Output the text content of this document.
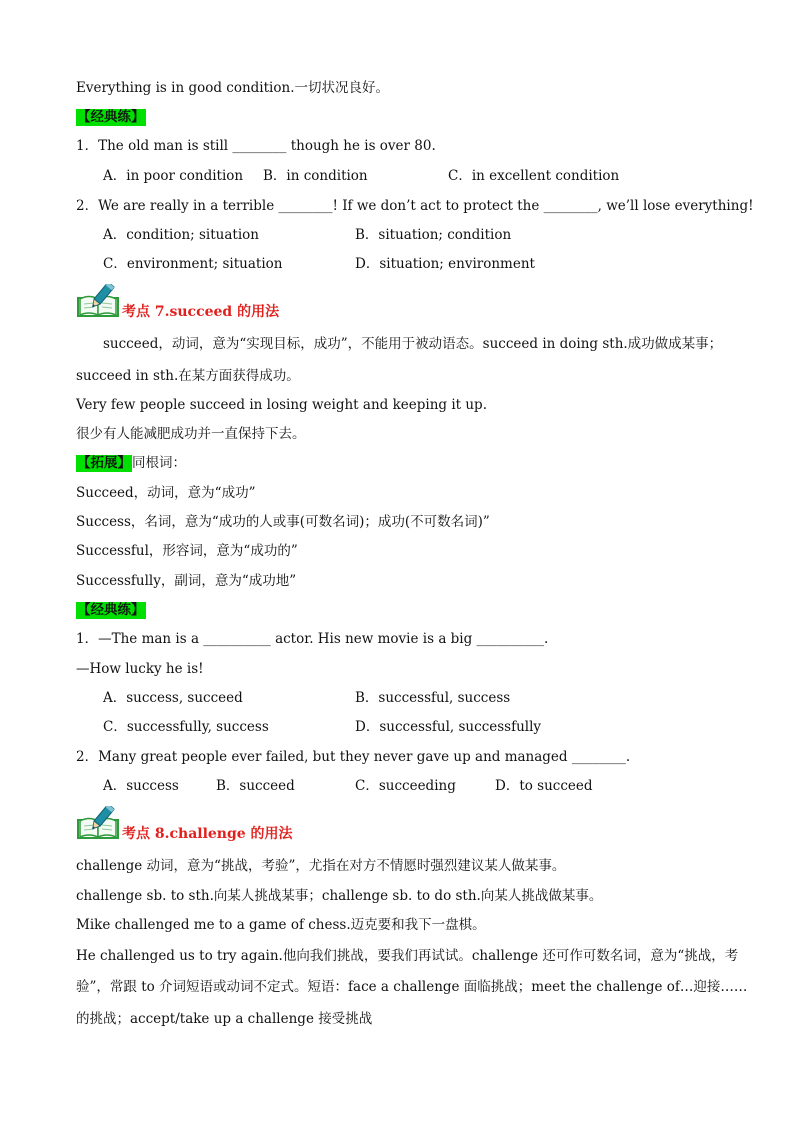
Everything is in good condition.一切状况良好。
【经典练】
1．The old man is still ________ though he is over 80.
A．in poor condition B．in condition	C．in excellent condition
2．We are really in a terrible ________! If we don’t act to protect the ________, we’ll lose everything!
A．condition; situation	B．situation; condition
C．environment; situation	D．situation; environment
考点 7.succeed 的用法
succeed，动词，意为“实现目标，成功”，不能用于被动语态。succeed in doing sth.成功做成某事；
succeed in sth.在某方面获得成功。
Very few people succeed in losing weight and keeping it up.
很少有人能减肥成功并一直保持下去。
【拓展】同根词：
Succeed，动词，意为“成功”
Success，名词，意为“成功的人或事(可数名词)；成功(不可数名词)”
Successful，形容词，意为“成功的”
Successfully，副词，意为“成功地”
【经典练】
1．—The man is a __________ actor. His new movie is a big __________.
—How lucky he is!
A．success, succeed	B．successful, success
C．successfully, success	D．successful, successfully
2．Many great people ever failed, but they never gave up and managed ________.
A．success	B．succeed	C．succeeding	D．to succeed
考点 8.challenge 的用法
challenge 动词，意为“挑战，考验”，尤指在对方不情愿时强烈建议某人做某事。
challenge sb. to sth.向某人挑战某事；challenge sb. to do sth.向某人挑战做某事。
Mike challenged me to a game of chess.迈克要和我下一盘棋。
He challenged us to try again.他向我们挑战，要我们再试试。challenge 还可作可数名词，意为“挑战，考
验”，常跟 to 介词短语或动词不定式。短语：face a challenge 面临挑战；meet the challenge of…迎接……
的挑战；accept/take up a challenge 接受挑战
